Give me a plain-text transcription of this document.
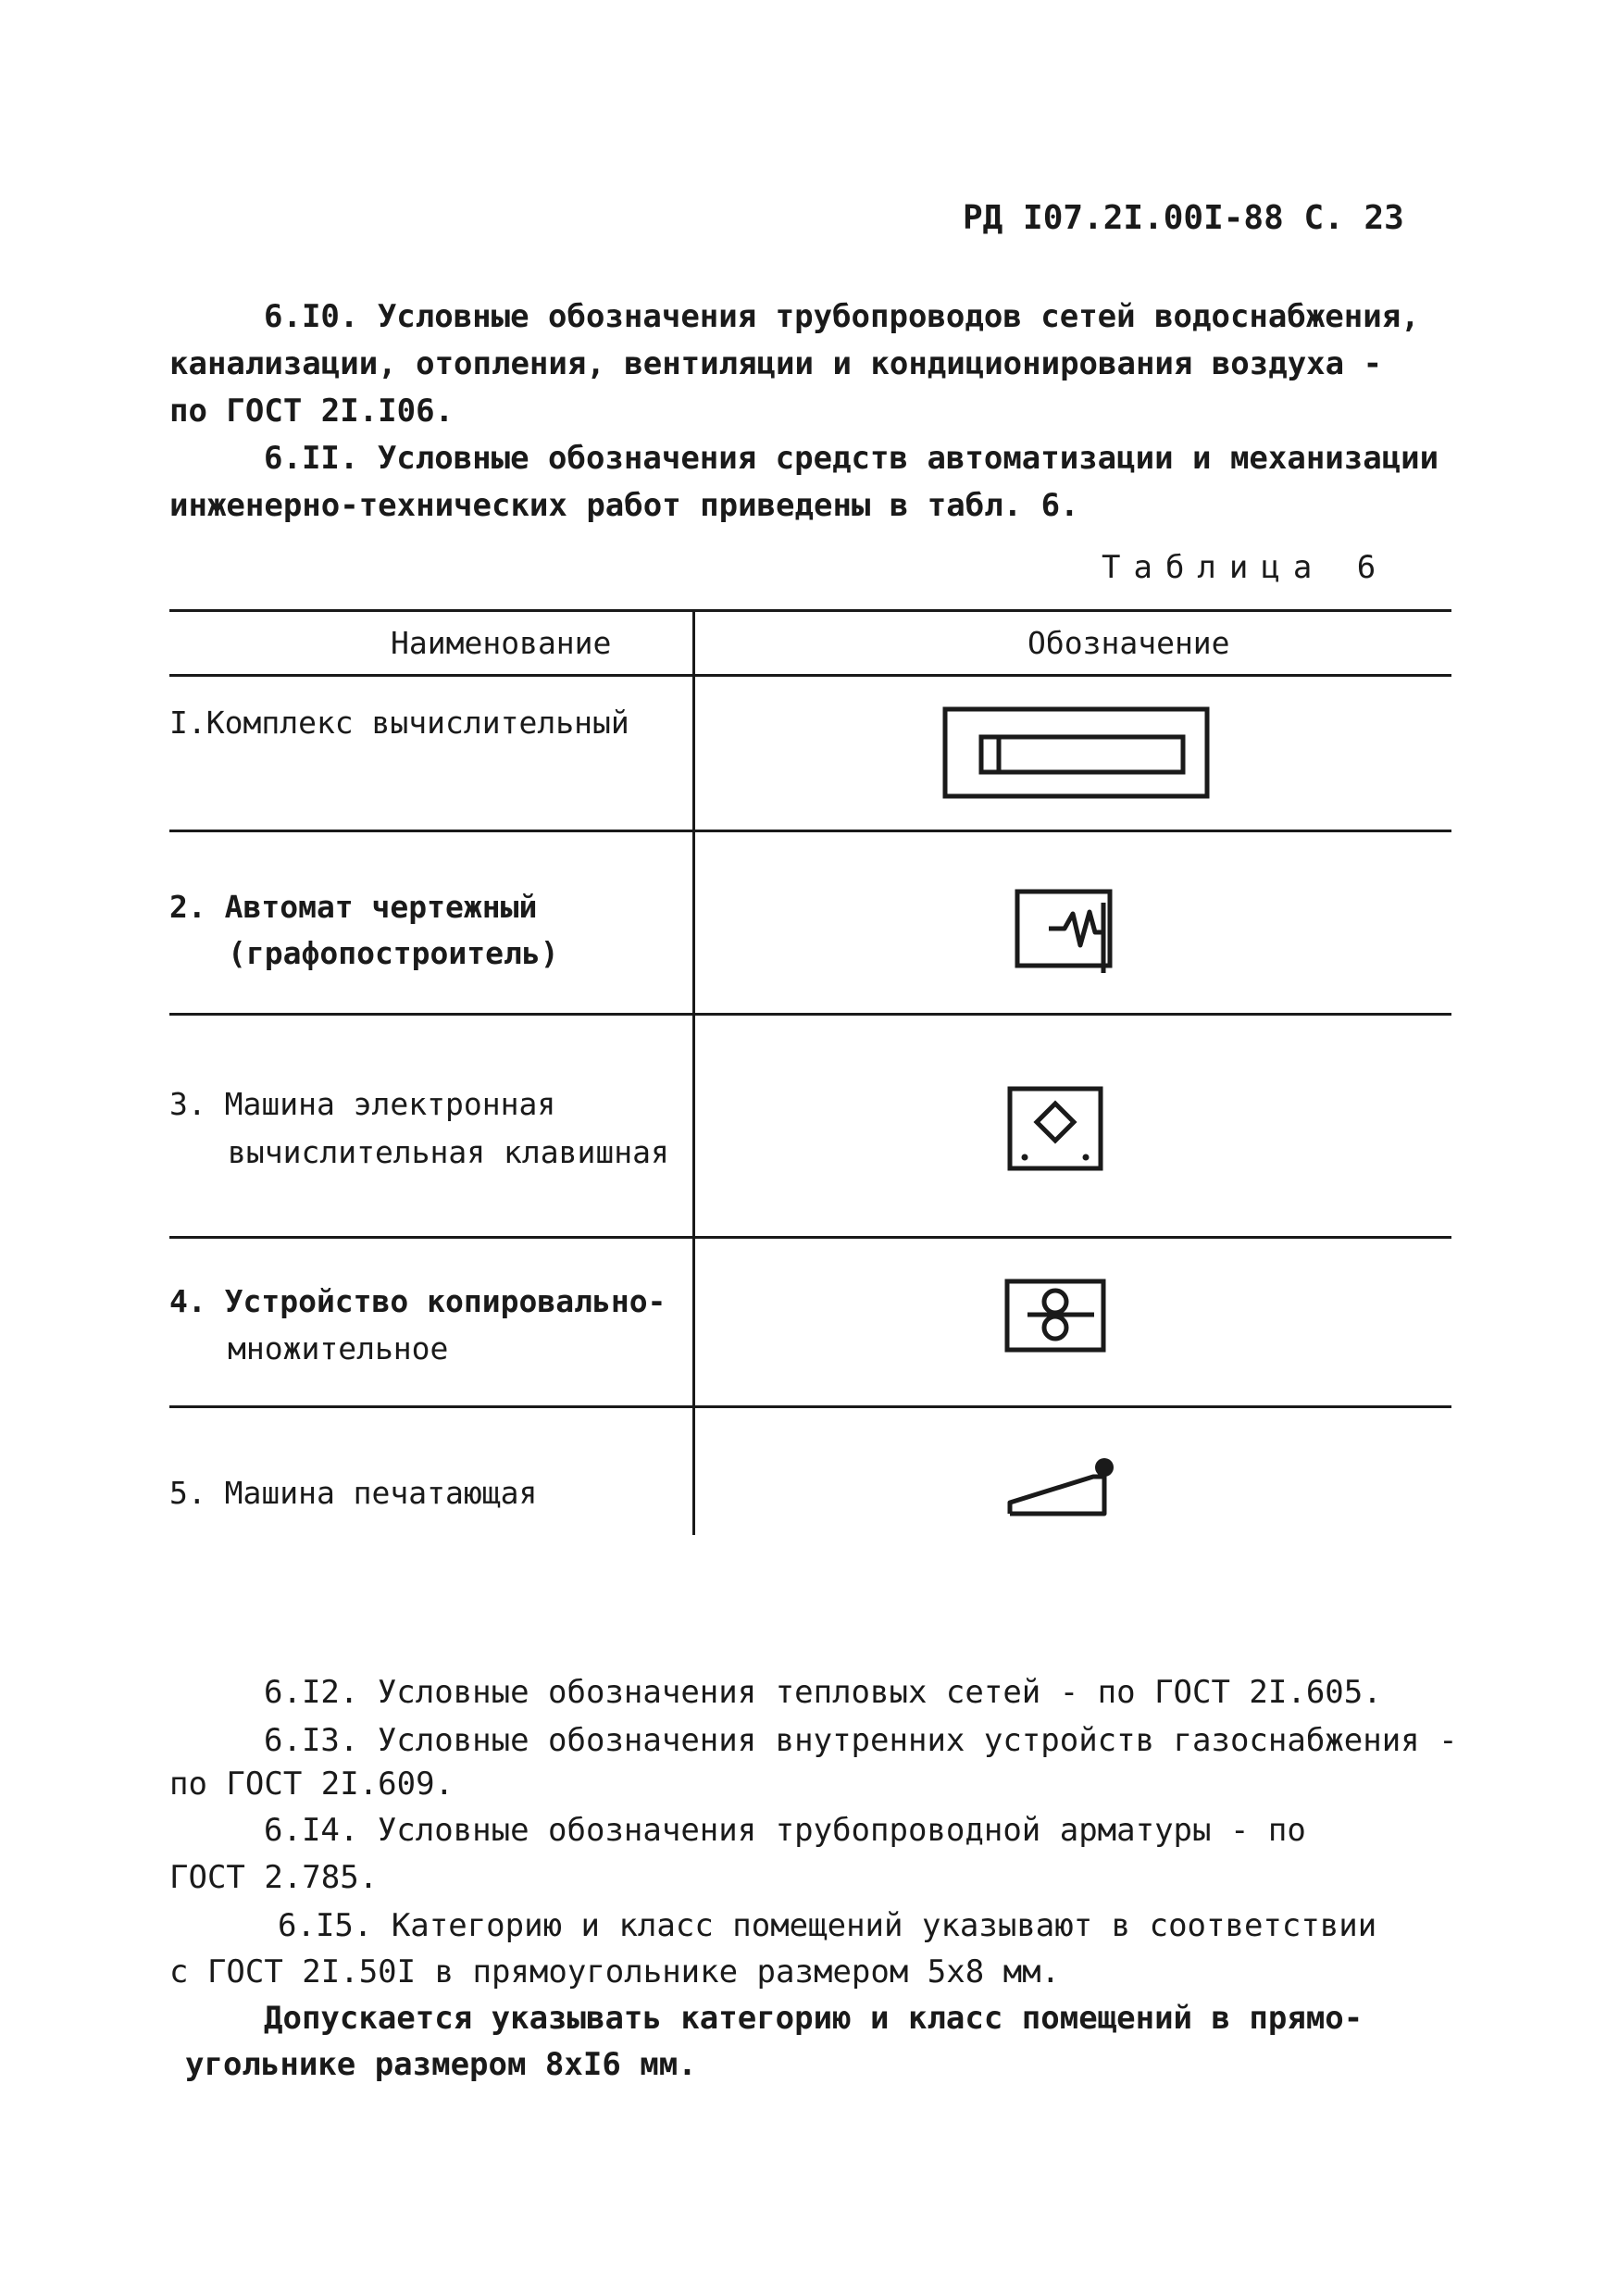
РД I07.2I.00I-88 С. 23
6.I0. Условные обозначения трубопроводов сетей водоснабжения,
канализации, отопления, вентиляции и кондиционирования воздуха -
по ГОСТ 2I.I06.
6.II. Условные обозначения средств автоматизации и механизации
инженерно-технических работ приведены в табл. 6.
Таблица 6
Наименование	Обозначение
I.Комплекс вычислительный
2. Автомат чертежный
(графопостроитель)
3. Машина электронная
вычислительная клавишная
4. Устройство копировально-
множительное
5. Машина печатающая
6.I2. Условные обозначения тепловых сетей - по ГОСТ 2I.605.
6.I3. Условные обозначения внутренних устройств газоснабжения -
по ГОСТ 2I.609.
6.I4. Условные обозначения трубопроводной арматуры - по
ГОСТ 2.785.
6.I5. Категорию и класс помещений указывают в соответствии
с ГОСТ 2I.50I в прямоугольнике размером 5х8 мм.
Допускается указывать категорию и класс помещений в прямо-
угольнике размером 8хI6 мм.
